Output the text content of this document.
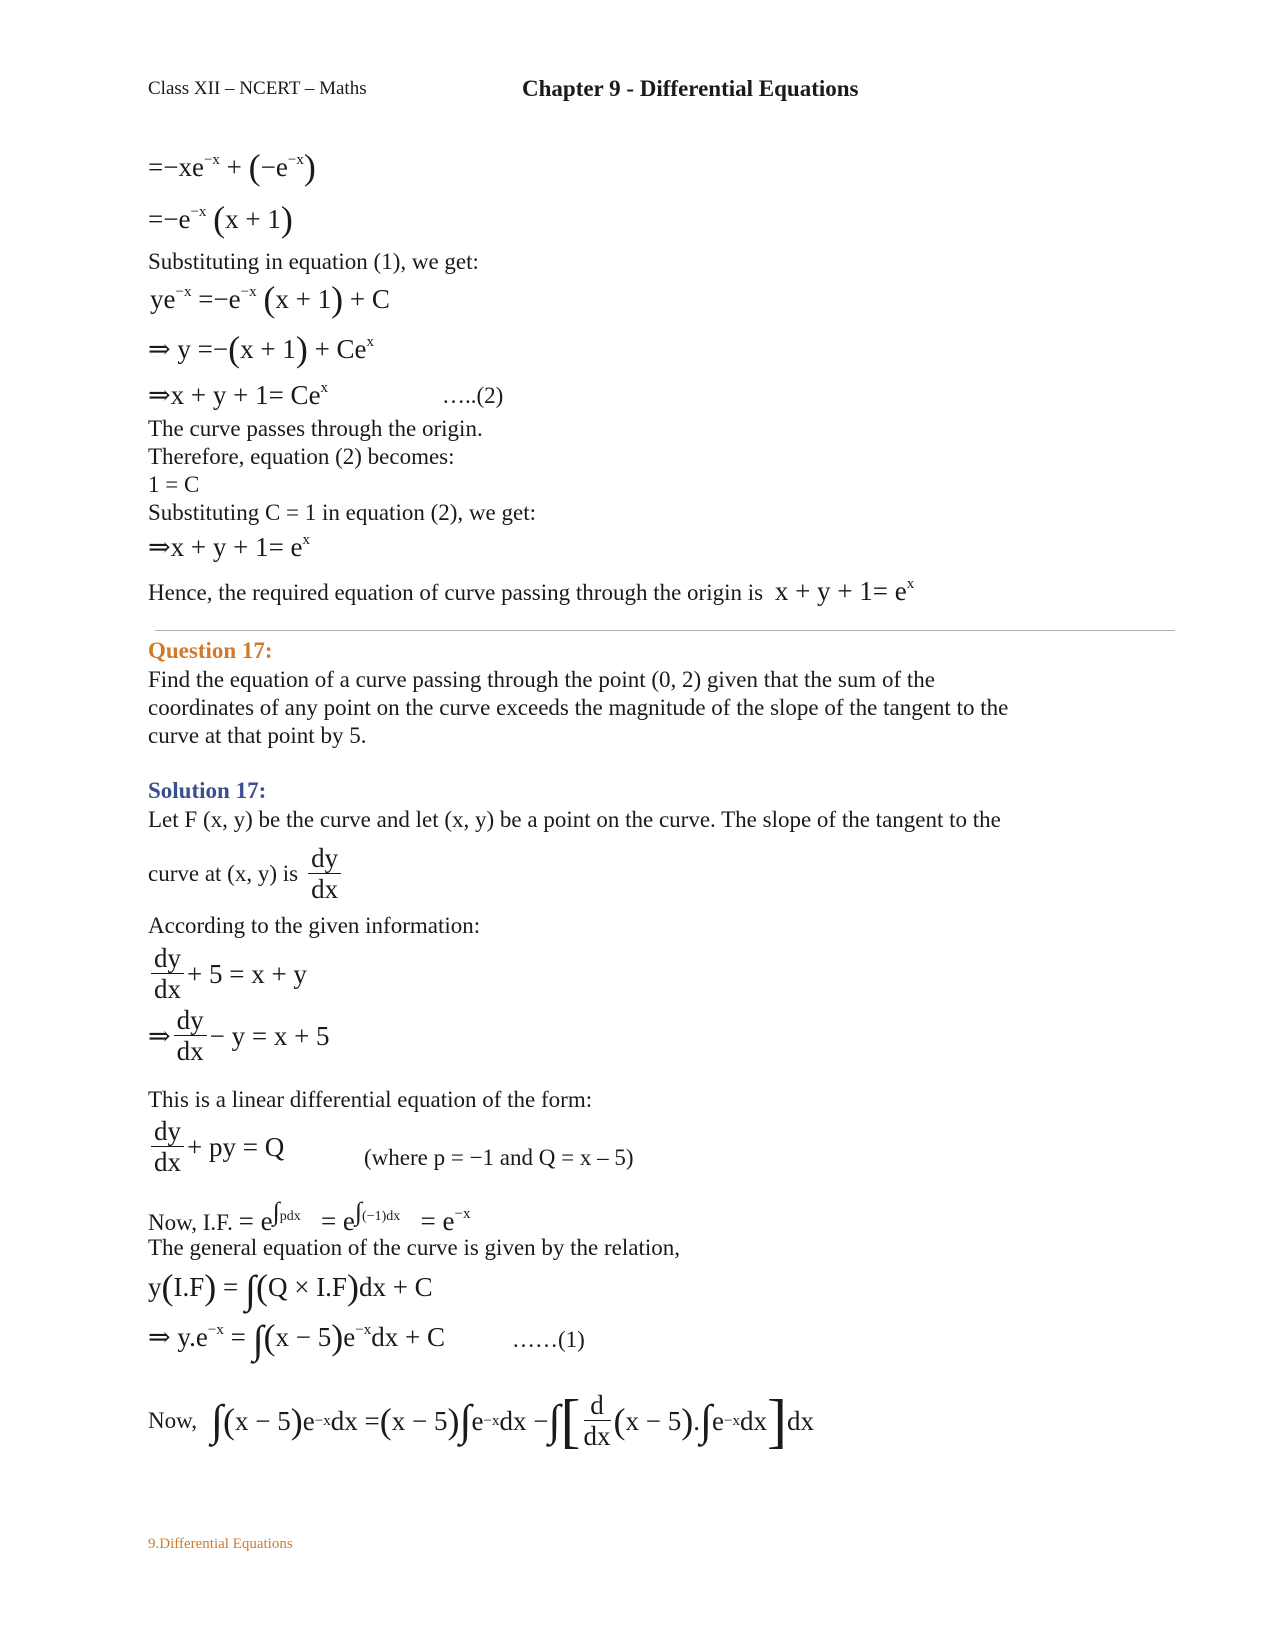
Class XII – NCERT – Maths	Chapter 9 - Differential Equations
$=-xe^{-x} + (-e^{-x})$
$=-e^{-x}$ (x + 1)
Substituting in equation (1), we get:
$ye^{-x} =-e^{-x}$ (x + 1) + C
⇒ $y =-(x + 1) + Ce^x$
⇒x + $y + 1= Ce^x$	…..(2)
The curve passes through the origin.
Therefore, equation (2) becomes:
1 = C
Substituting C = 1 in equation (2), we get:
⇒x + $y + 1= e^x$
Hence, the required equation of curve passing through the origin is $x + y + 1= e^x$
Question 17:
Find the equation of a curve passing through the point (0, 2) given that the sum of the
coordinates of any point on the curve exceeds the magnitude of the slope of the tangent to the
curve at that point by 5.
Solution 17:
Let F (x, y) be the curve and let (x, y) be a point on the curve. The slope of the tangent to the
curve at (x, y) is $\frac{dy}{dx}$
According to the given information:
$\frac{dy}{dx} + 5 = x + y$
⇒ $\frac{dy}{dx} - y = x + 5$
This is a linear differential equation of the form:
$\frac{dy}{dx}$ + py = Q	(where p = −1 and Q = x – 5)
Now, I.F. = $e^{\int pdx} = e^{\int(-1)dx} = e^{-x}$
The general equation of the curve is given by the relation,
y(I.F) = ∫(Q × I.F)dx + C
⇒ $y.e^{-x} = \int(x - 5)e^{-x}dx + C$	……(1)
Now, ∫ ( x − 5 ) e −x dx = ( x − 5 ) ∫ e −x dx − ∫ [ $\frac{d}{dx}$ ( x − 5 ) . ∫ e −x dx ] dx
9.Differential Equations
